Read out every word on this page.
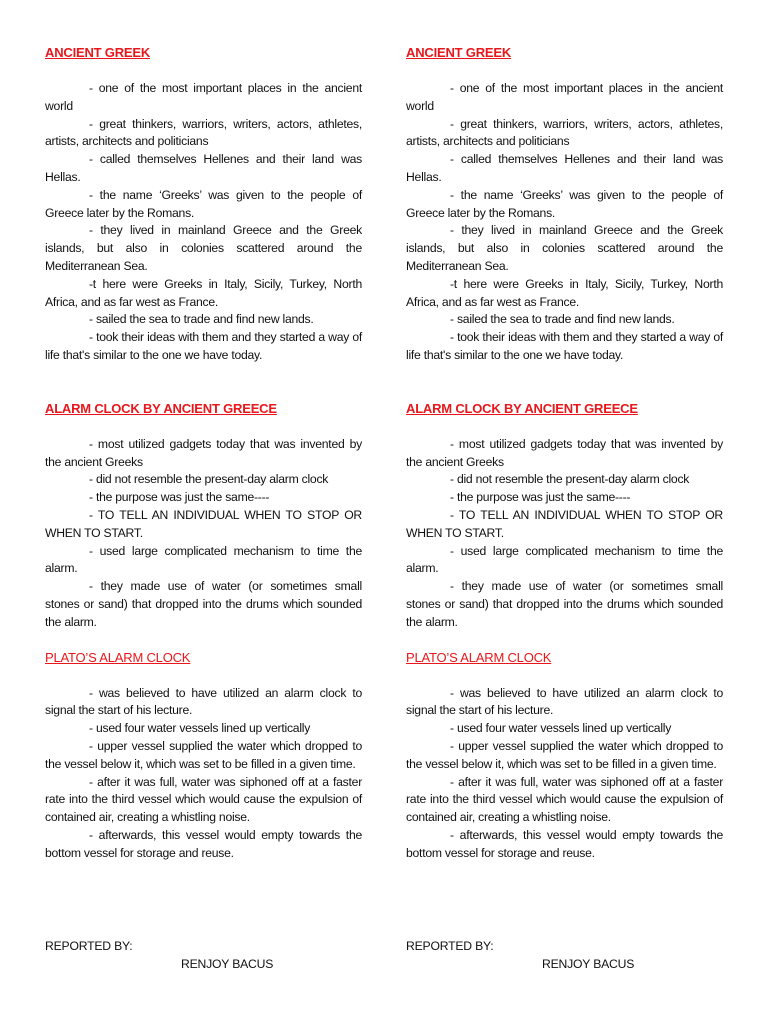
ANCIENT GREEK

- one of the most important places in the ancient world

- great thinkers, warriors, writers, actors, athletes, artists, architects and politicians

- called themselves Hellenes and their land was Hellas.

- the name ‘Greeks’ was given to the people of Greece later by the Romans.

- they lived in mainland Greece and the Greek islands, but also in colonies scattered around the Mediterranean Sea.

-t here were Greeks in Italy, Sicily, Turkey, North Africa, and as far west as France.

- sailed the sea to trade and find new lands.

- took their ideas with them and they started a way of life that's similar to the one we have today.

ALARM CLOCK BY ANCIENT GREECE

- most utilized gadgets today that was invented by the ancient Greeks

- did not resemble the present-day alarm clock

- the purpose was just the same----

- TO TELL AN INDIVIDUAL WHEN TO STOP OR WHEN TO START.

- used large complicated mechanism to time the alarm.

- they made use of water (or sometimes small stones or sand) that dropped into the drums which sounded the alarm.

PLATO’S ALARM CLOCK

- was believed to have utilized an alarm clock to signal the start of his lecture.

- used four water vessels lined up vertically

- upper vessel supplied the water which dropped to the vessel below it, which was set to be filled in a given time.

- after it was full, water was siphoned off at a faster rate into the third vessel which would cause the expulsion of contained air, creating a whistling noise.

- afterwards, this vessel would empty towards the bottom vessel for storage and reuse.

ANCIENT GREEK

- one of the most important places in the ancient world

- great thinkers, warriors, writers, actors, athletes, artists, architects and politicians

- called themselves Hellenes and their land was Hellas.

- the name ‘Greeks’ was given to the people of Greece later by the Romans.

- they lived in mainland Greece and the Greek islands, but also in colonies scattered around the Mediterranean Sea.

-t here were Greeks in Italy, Sicily, Turkey, North Africa, and as far west as France.

- sailed the sea to trade and find new lands.

- took their ideas with them and they started a way of life that's similar to the one we have today.

ALARM CLOCK BY ANCIENT GREECE

- most utilized gadgets today that was invented by the ancient Greeks

- did not resemble the present-day alarm clock

- the purpose was just the same----

- TO TELL AN INDIVIDUAL WHEN TO STOP OR WHEN TO START.

- used large complicated mechanism to time the alarm.

- they made use of water (or sometimes small stones or sand) that dropped into the drums which sounded the alarm.

PLATO’S ALARM CLOCK

- was believed to have utilized an alarm clock to signal the start of his lecture.

- used four water vessels lined up vertically

- upper vessel supplied the water which dropped to the vessel below it, which was set to be filled in a given time.

- after it was full, water was siphoned off at a faster rate into the third vessel which would cause the expulsion of contained air, creating a whistling noise.

- afterwards, this vessel would empty towards the bottom vessel for storage and reuse.

REPORTED BY:
RENJOY BACUS
REPORTED BY:
RENJOY BACUS
